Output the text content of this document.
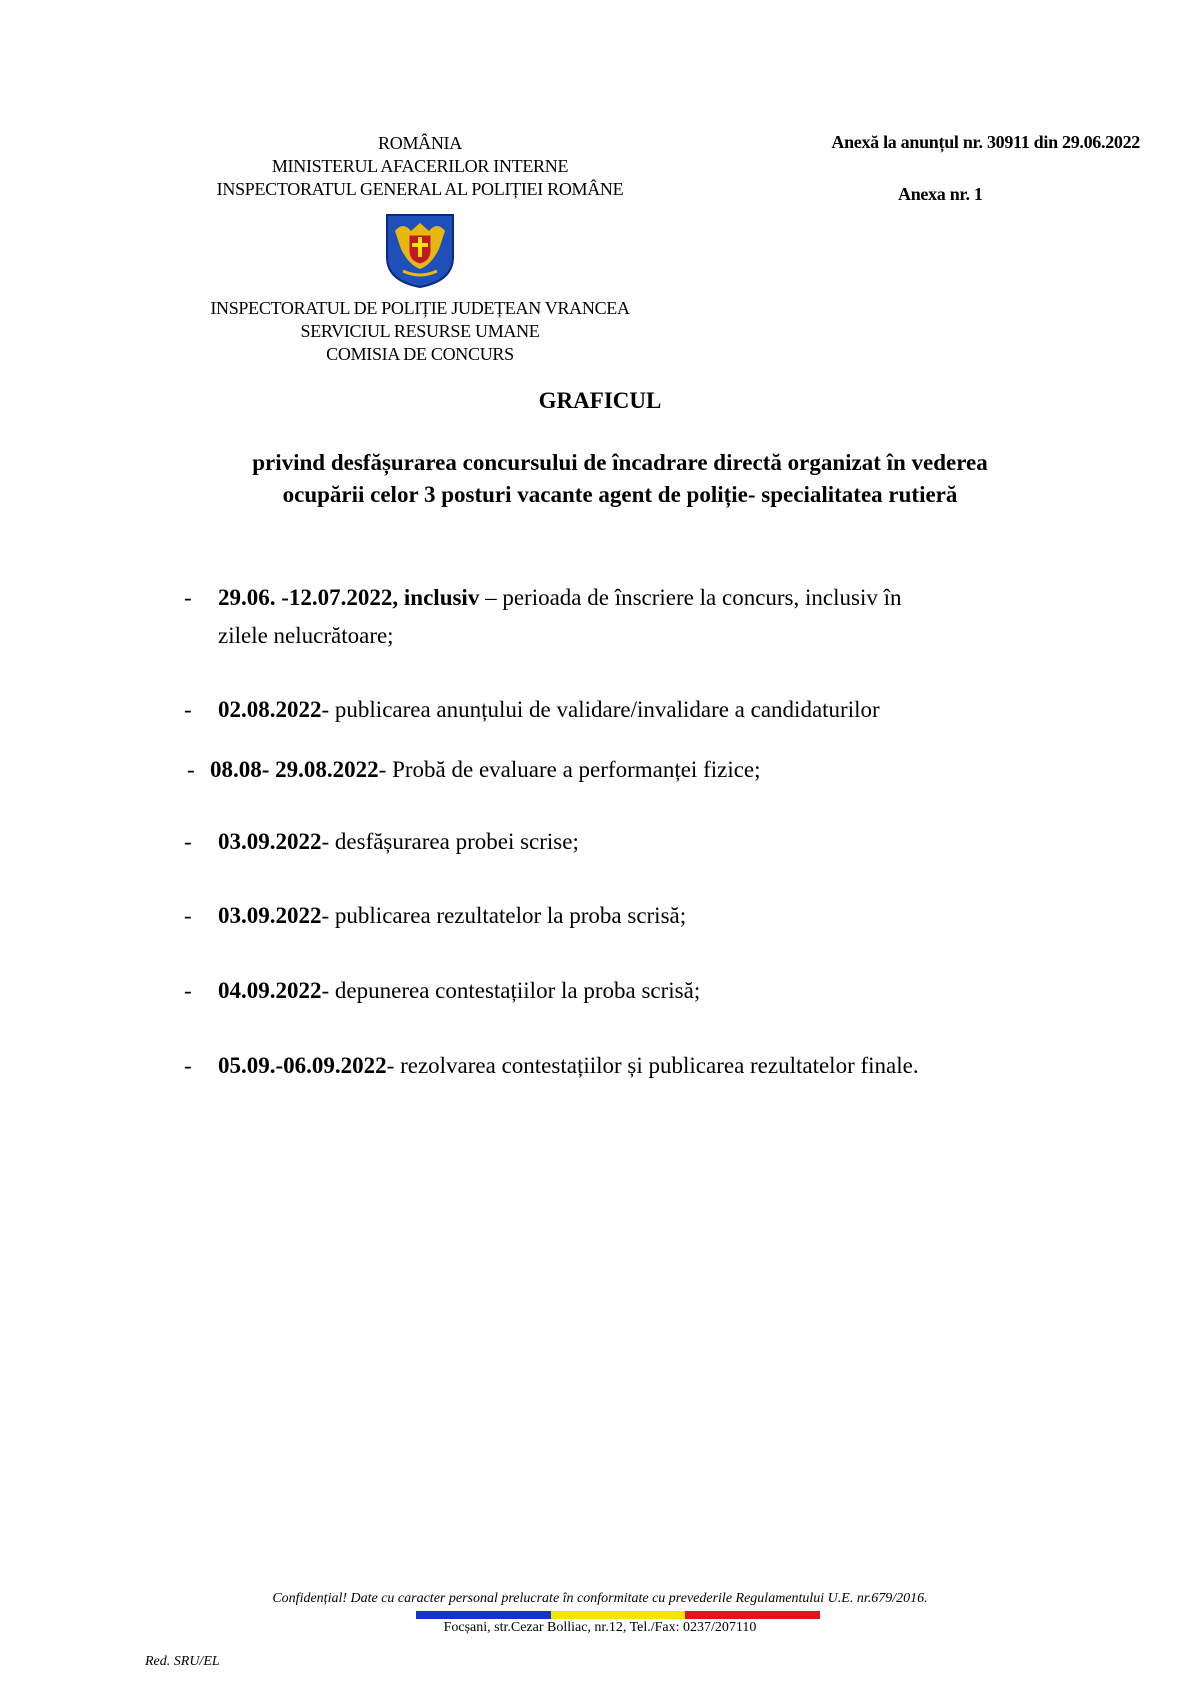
ROMÂNIA
MINISTERUL AFACERILOR INTERNE
INSPECTORATUL GENERAL AL POLIȚIEI ROMÂNE
INSPECTORATUL DE POLIȚIE JUDEȚEAN VRANCEA
SERVICIUL RESURSE UMANE
COMISIA DE CONCURS
Anexă la anunțul nr. 30911 din 29.06.2022
Anexa nr. 1
GRAFICUL
privind desfășurarea concursului de încadrare directă organizat în vederea
ocupării celor 3 posturi vacante agent de poliție- specialitatea rutieră
- 29.06. -12.07.2022, inclusiv – perioada de înscriere la concurs, inclusiv în
zilele nelucrătoare;
- 02.08.2022- publicarea anunțului de validare/invalidare a candidaturilor
- 08.08- 29.08.2022- Probă de evaluare a performanței fizice;
- 03.09.2022- desfășurarea probei scrise;
- 03.09.2022- publicarea rezultatelor la proba scrisă;
- 04.09.2022- depunerea contestațiilor la proba scrisă;
- 05.09.-06.09.2022- rezolvarea contestațiilor și publicarea rezultatelor finale.
Confidențial! Date cu caracter personal prelucrate în conformitate cu prevederile Regulamentului U.E. nr.679/2016.
Focșani, str.Cezar Bolliac, nr.12, Tel./Fax: 0237/207110
Red. SRU/EL
